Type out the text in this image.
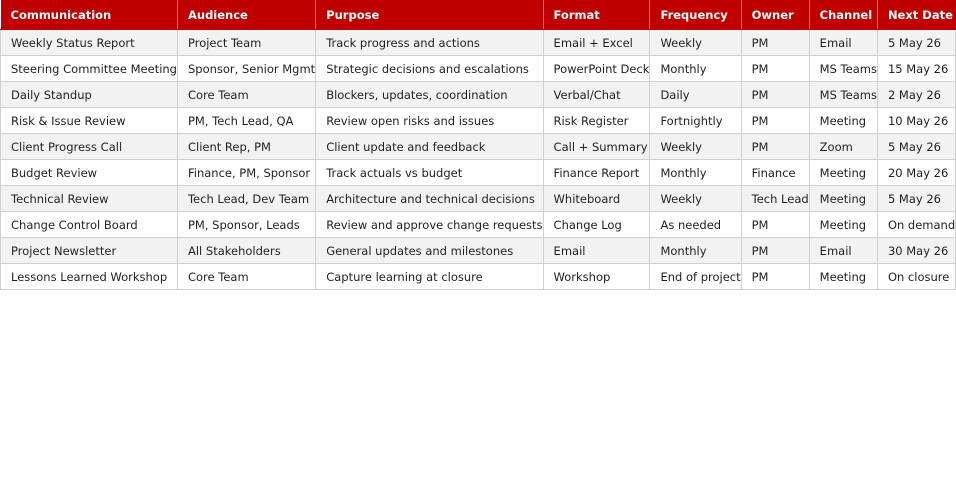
Communication	Audience	Purpose	Format	Frequency	Owner	Channel	Next Date
Weekly Status Report	Project Team	Track progress and actions	Email + Excel	Weekly	PM	Email	5 May 26
Steering Committee Meeting	Sponsor, Senior Mgmt	Strategic decisions and escalations	PowerPoint Deck	Monthly	PM	MS Teams	15 May 26
Daily Standup	Core Team	Blockers, updates, coordination	Verbal/Chat	Daily	PM	MS Teams	2 May 26
Risk & Issue Review	PM, Tech Lead, QA	Review open risks and issues	Risk Register	Fortnightly	PM	Meeting	10 May 26
Client Progress Call	Client Rep, PM	Client update and feedback	Call + Summary	Weekly	PM	Zoom	5 May 26
Budget Review	Finance, PM, Sponsor	Track actuals vs budget	Finance Report	Monthly	Finance	Meeting	20 May 26
Technical Review	Tech Lead, Dev Team	Architecture and technical decisions	Whiteboard	Weekly	Tech Lead	Meeting	5 May 26
Change Control Board	PM, Sponsor, Leads	Review and approve change requests	Change Log	As needed	PM	Meeting	On demand
Project Newsletter	All Stakeholders	General updates and milestones	Email	Monthly	PM	Email	30 May 26
Lessons Learned Workshop	Core Team	Capture learning at closure	Workshop	End of project	PM	Meeting	On closure
